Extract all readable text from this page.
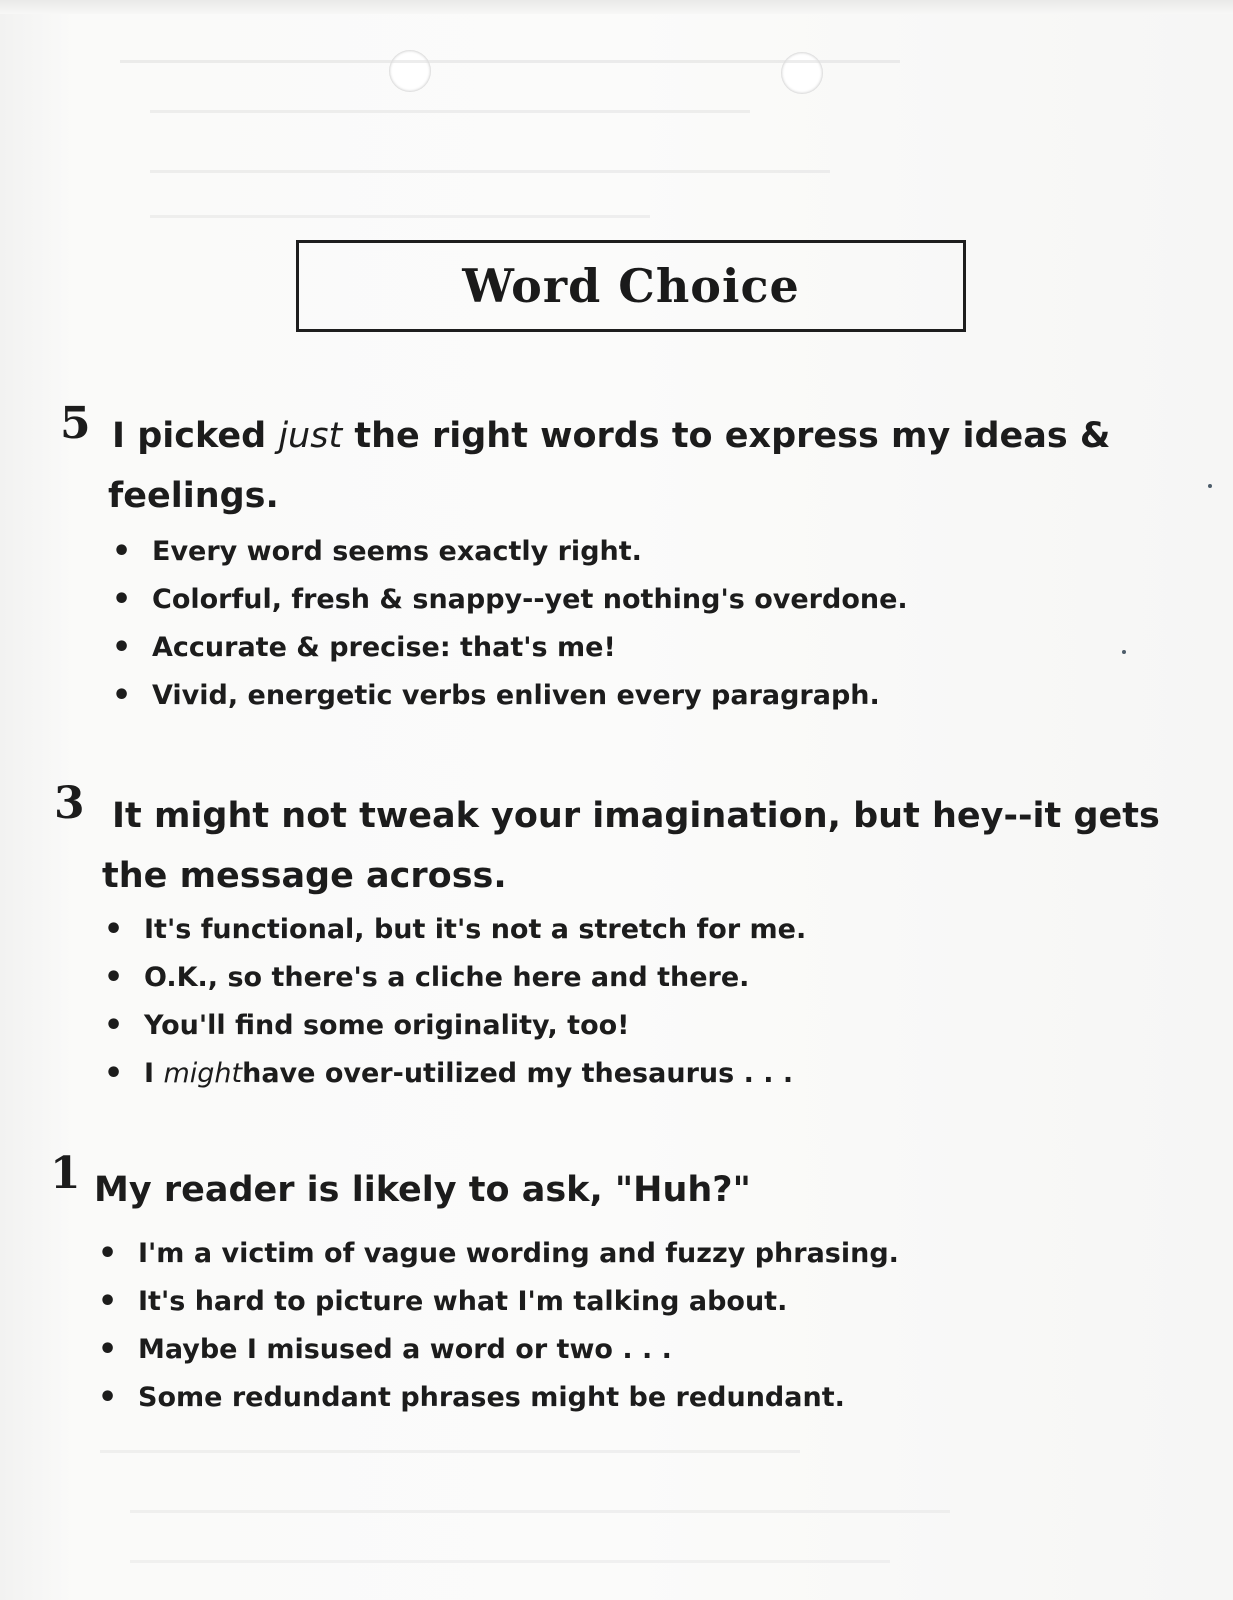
Word Choice
5 I picked just the right words to express my ideas &
feelings.
• Every word seems exactly right.
• Colorful, fresh & snappy--yet nothing's overdone.
• Accurate & precise: that's me!
• Vivid, energetic verbs enliven every paragraph.
3 It might not tweak your imagination, but hey--it gets
the message across.
• It's functional, but it's not a stretch for me.
• O.K., so there's a cliche here and there.
• You'll find some originality, too!
• I mighthave over-utilized my thesaurus . . .
1 My reader is likely to ask, "Huh?"
• I'm a victim of vague wording and fuzzy phrasing.
• It's hard to picture what I'm talking about.
• Maybe I misused a word or two . . .
• Some redundant phrases might be redundant.
